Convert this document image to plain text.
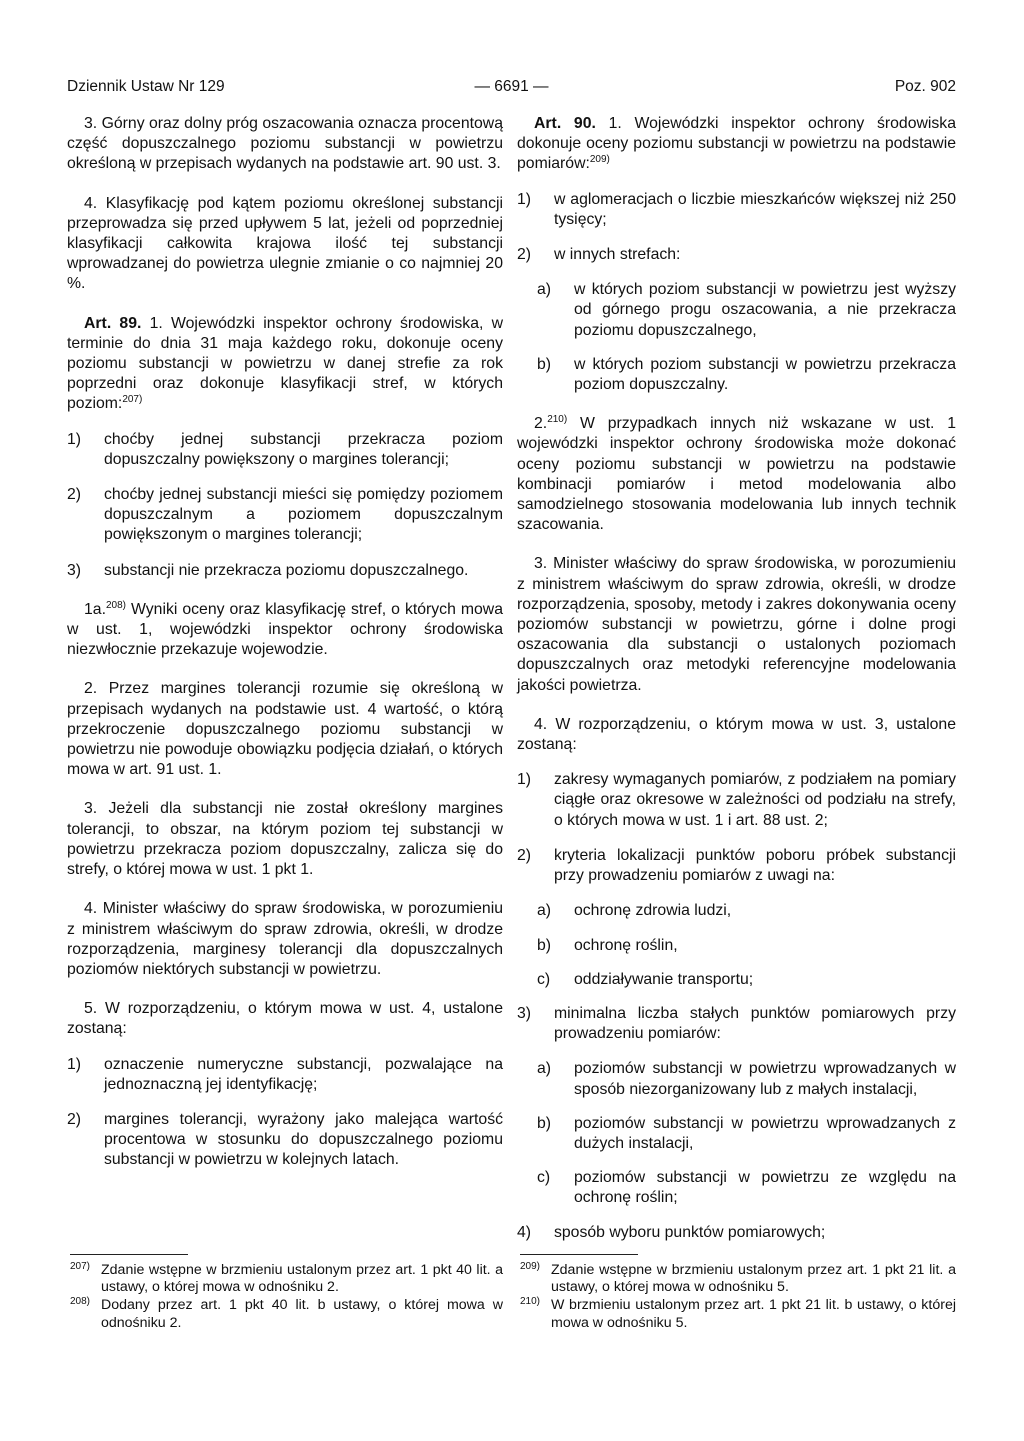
Dziennik Ustaw Nr 129	— 6691 —	Poz. 902

3. Górny oraz dolny próg oszacowania oznacza procentową część dopuszczalnego poziomu substancji w powietrzu określoną w przepisach wydanych na podstawie art. 90 ust. 3.

4. Klasyfikację pod kątem poziomu określonej substancji przeprowadza się przed upływem 5 lat, jeżeli od poprzedniej klasyfikacji całkowita krajowa ilość tej substancji wprowadzanej do powietrza ulegnie zmianie o co najmniej 20 %.

Art. 89. 1. Wojewódzki inspektor ochrony środowiska, w terminie do dnia 31 maja każdego roku, dokonuje oceny poziomu substancji w powietrzu w danej strefie za rok poprzedni oraz dokonuje klasyfikacji stref, w których poziom:$^{207)}$

1) choćby jednej substancji przekracza poziom dopuszczalny powiększony o margines tolerancji;

2) choćby jednej substancji mieści się pomiędzy poziomem dopuszczalnym a poziomem dopuszczalnym powiększonym o margines tolerancji;

3) substancji nie przekracza poziomu dopuszczalnego.

1a.$^{208)}$ Wyniki oceny oraz klasyfikację stref, o których mowa w ust. 1, wojewódzki inspektor ochrony środowiska niezwłocznie przekazuje wojewodzie.

2. Przez margines tolerancji rozumie się określoną w przepisach wydanych na podstawie ust. 4 wartość, o którą przekroczenie dopuszczalnego poziomu substancji w powietrzu nie powoduje obowiązku podjęcia działań, o których mowa w art. 91 ust. 1.

3. Jeżeli dla substancji nie został określony margines tolerancji, to obszar, na którym poziom tej substancji w powietrzu przekracza poziom dopuszczalny, zalicza się do strefy, o której mowa w ust. 1 pkt 1.

4. Minister właściwy do spraw środowiska, w porozumieniu z ministrem właściwym do spraw zdrowia, określi, w drodze rozporządzenia, marginesy tolerancji dla dopuszczalnych poziomów niektórych substancji w powietrzu.

5. W rozporządzeniu, o którym mowa w ust. 4, ustalone zostaną:

1) oznaczenie numeryczne substancji, pozwalające na jednoznaczną jej identyfikację;

2) margines tolerancji, wyrażony jako malejąca wartość procentowa w stosunku do dopuszczalnego poziomu substancji w powietrzu w kolejnych latach.

Art. 90. 1. Wojewódzki inspektor ochrony środowiska dokonuje oceny poziomu substancji w powietrzu na podstawie pomiarów:$^{209)}$

1) w aglomeracjach o liczbie mieszkańców większej niż 250 tysięcy;

2) w innych strefach:

a) w których poziom substancji w powietrzu jest wyższy od górnego progu oszacowania, a nie przekracza poziomu dopuszczalnego,

b) w których poziom substancji w powietrzu przekracza poziom dopuszczalny.

2.$^{210)}$ W przypadkach innych niż wskazane w ust. 1 wojewódzki inspektor ochrony środowiska może dokonać oceny poziomu substancji w powietrzu na podstawie kombinacji pomiarów i metod modelowania albo samodzielnego stosowania modelowania lub innych technik szacowania.

3. Minister właściwy do spraw środowiska, w porozumieniu z ministrem właściwym do spraw zdrowia, określi, w drodze rozporządzenia, sposoby, metody i zakres dokonywania oceny poziomów substancji w powietrzu, górne i dolne progi oszacowania dla substancji o ustalonych poziomach dopuszczalnych oraz metodyki referencyjne modelowania jakości powietrza.

4. W rozporządzeniu, o którym mowa w ust. 3, ustalone zostaną:

1) zakresy wymaganych pomiarów, z podziałem na pomiary ciągłe oraz okresowe w zależności od podziału na strefy, o których mowa w ust. 1 i art. 88 ust. 2;

2) kryteria lokalizacji punktów poboru próbek substancji przy prowadzeniu pomiarów z uwagi na:

a) ochronę zdrowia ludzi,

b) ochronę roślin,

c) oddziaływanie transportu;

3) minimalna liczba stałych punktów pomiarowych przy prowadzeniu pomiarów:

a) poziomów substancji w powietrzu wprowadzanych w sposób niezorganizowany lub z małych instalacji,

b) poziomów substancji w powietrzu wprowadzanych z dużych instalacji,

c) poziomów substancji w powietrzu ze względu na ochronę roślin;

4) sposób wyboru punktów pomiarowych;

207) Zdanie wstępne w brzmieniu ustalonym przez art. 1 pkt 40 lit. a ustawy, o której mowa w odnośniku 2.

208) Dodany przez art. 1 pkt 40 lit. b ustawy, o której mowa w odnośniku 2.

209) Zdanie wstępne w brzmieniu ustalonym przez art. 1 pkt 21 lit. a ustawy, o której mowa w odnośniku 5.

210) W brzmieniu ustalonym przez art. 1 pkt 21 lit. b ustawy, o której mowa w odnośniku 5.
